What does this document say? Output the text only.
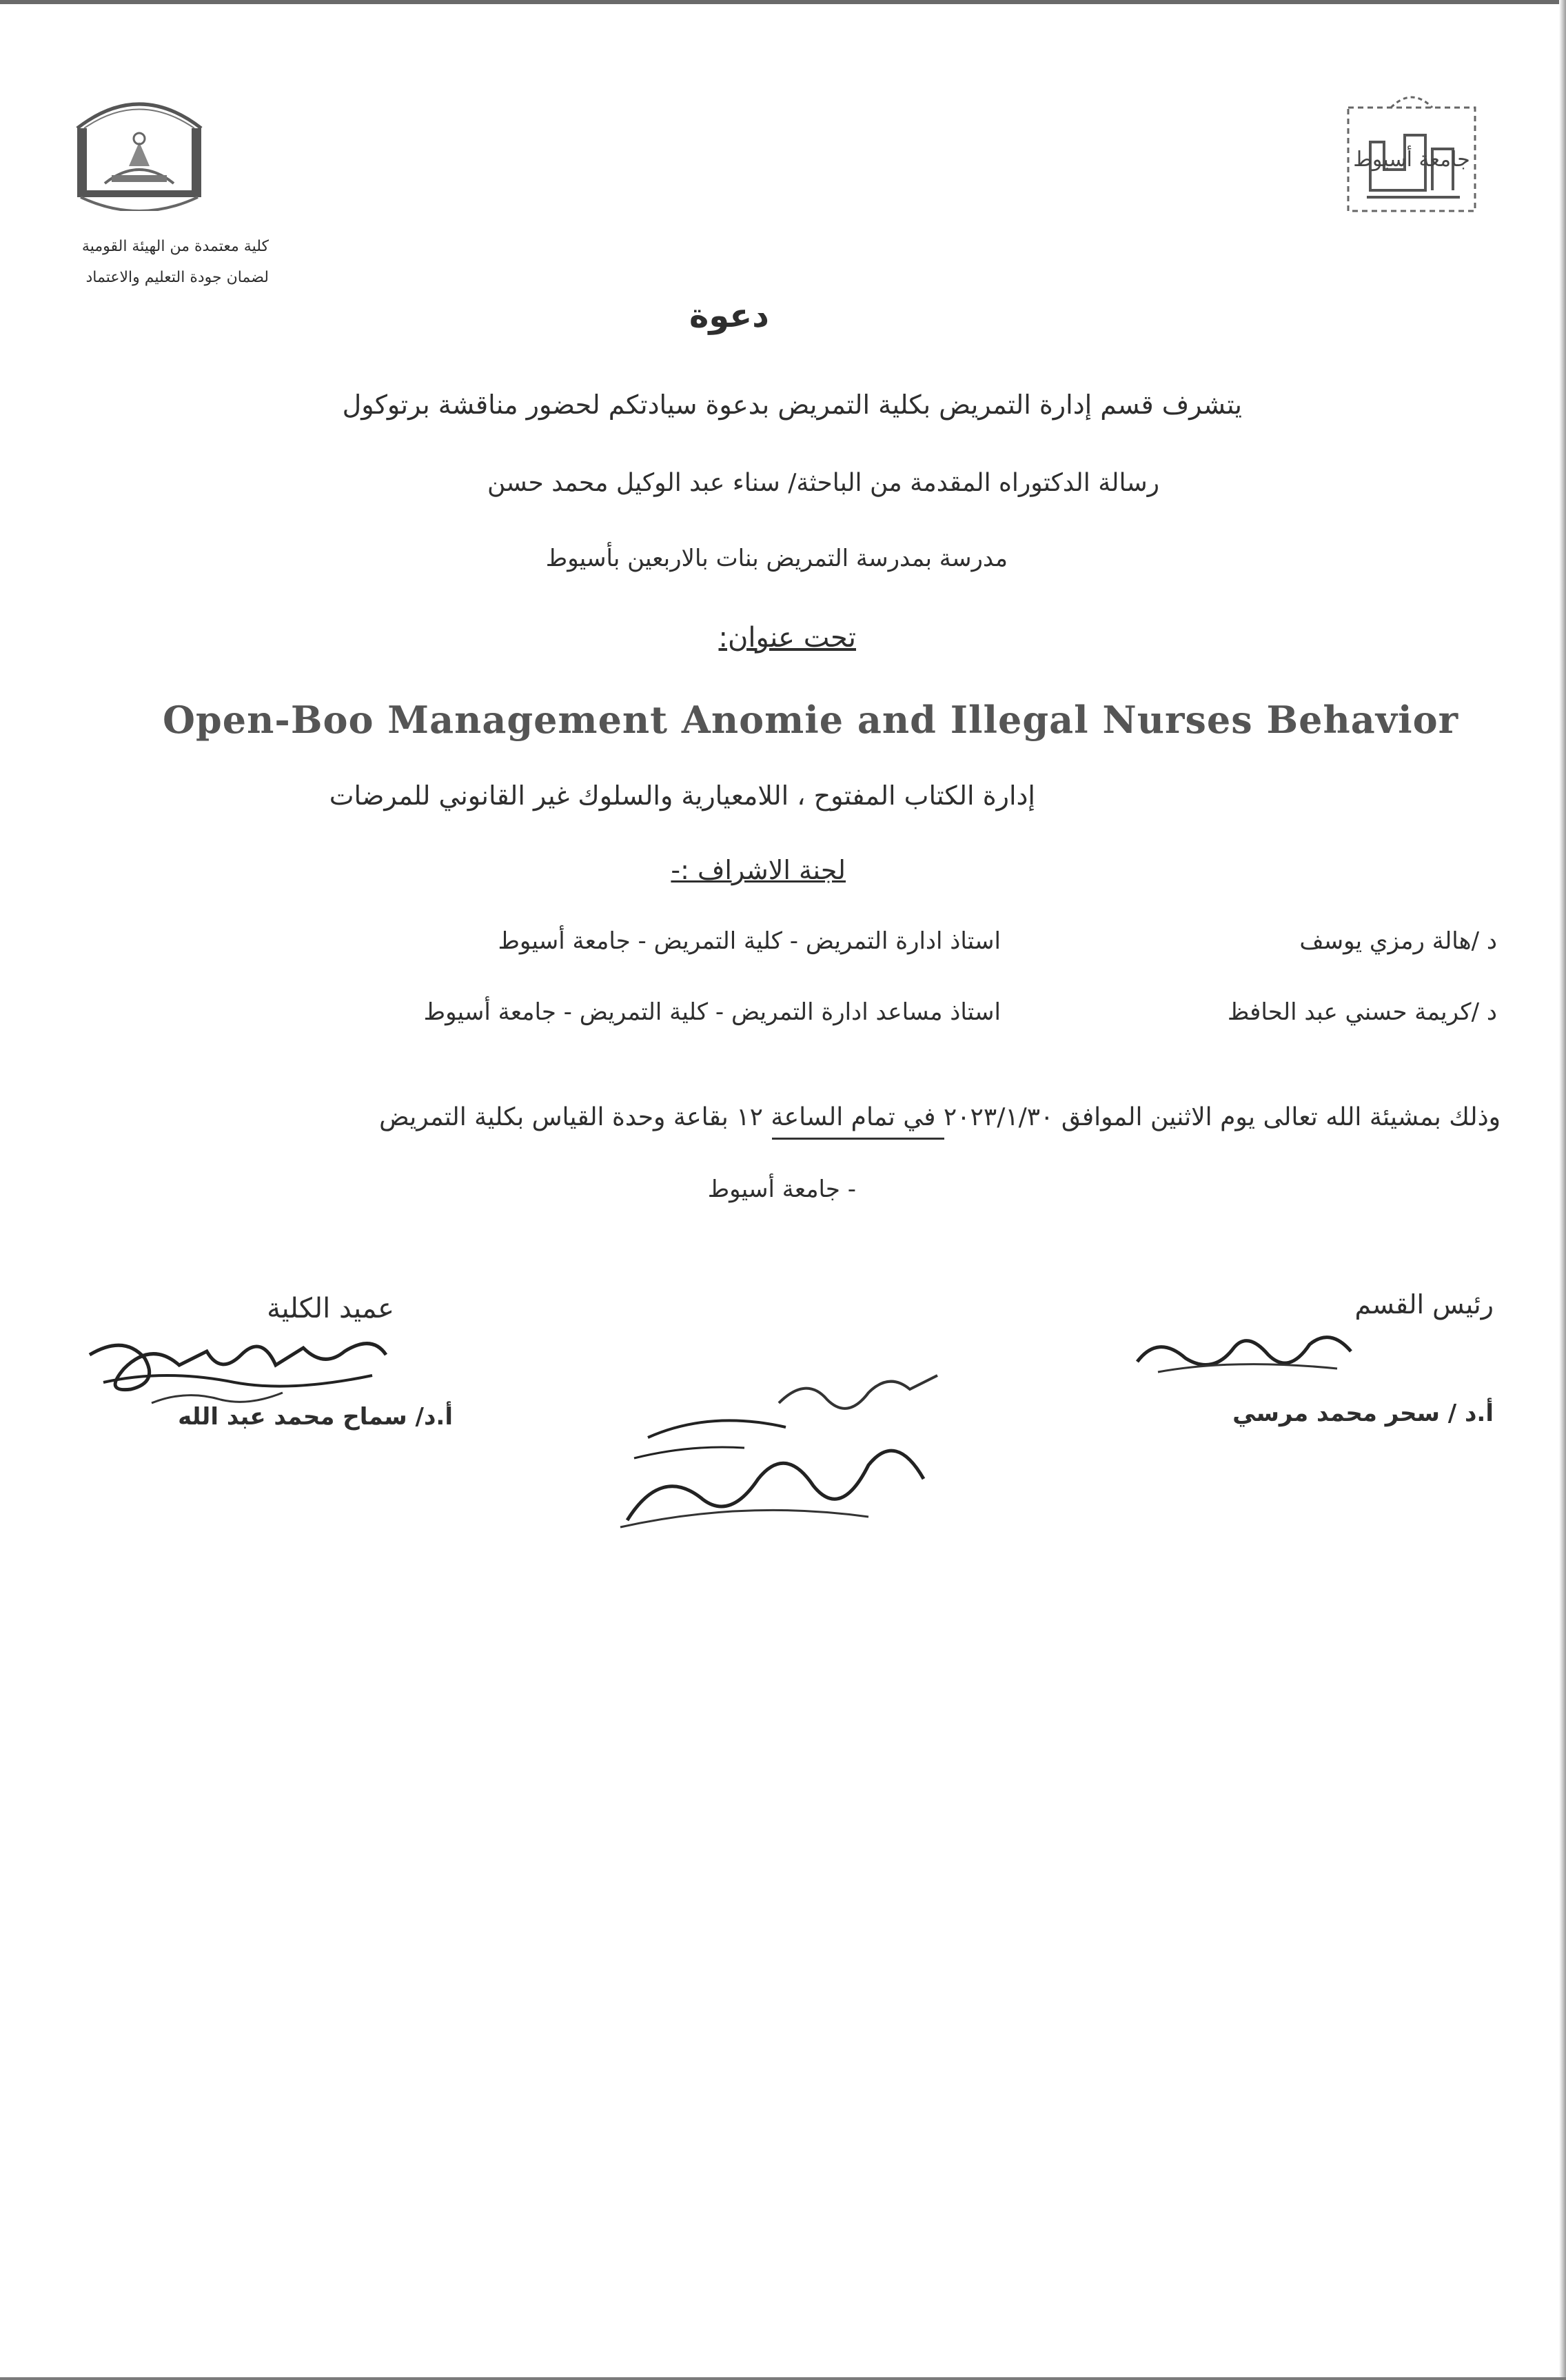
جامعة أسيوط
كلية معتمدة من الهيئة القومية
لضمان جودة التعليم والاعتماد
دعوة
يتشرف قسم إدارة التمريض بكلية التمريض بدعوة سيادتكم لحضور مناقشة برتوكول
رسالة الدكتوراه المقدمة من الباحثة/ سناء عبد الوكيل محمد حسن
مدرسة بمدرسة التمريض بنات بالاربعين بأسيوط
تحت عنوان:
Open-Boo Management Anomie and Illegal Nurses Behavior
إدارة الكتاب المفتوح ، اللامعيارية والسلوك غير القانوني للمرضات
لجنة الاشراف :-
د /هالة رمزي يوسف
استاذ ادارة التمريض - كلية التمريض - جامعة أسيوط
د /كريمة حسني عبد الحافظ
استاذ مساعد ادارة التمريض - كلية التمريض - جامعة أسيوط
وذلك بمشيئة الله تعالى يوم الاثنين الموافق ٢٠٢٣/١/٣٠ في تمام الساعة ١٢ بقاعة وحدة القياس بكلية التمريض
- جامعة أسيوط
عميد الكلية	رئيس القسم
أ.د/ سماح محمد عبد الله	أ.د / سحر محمد مرسي
